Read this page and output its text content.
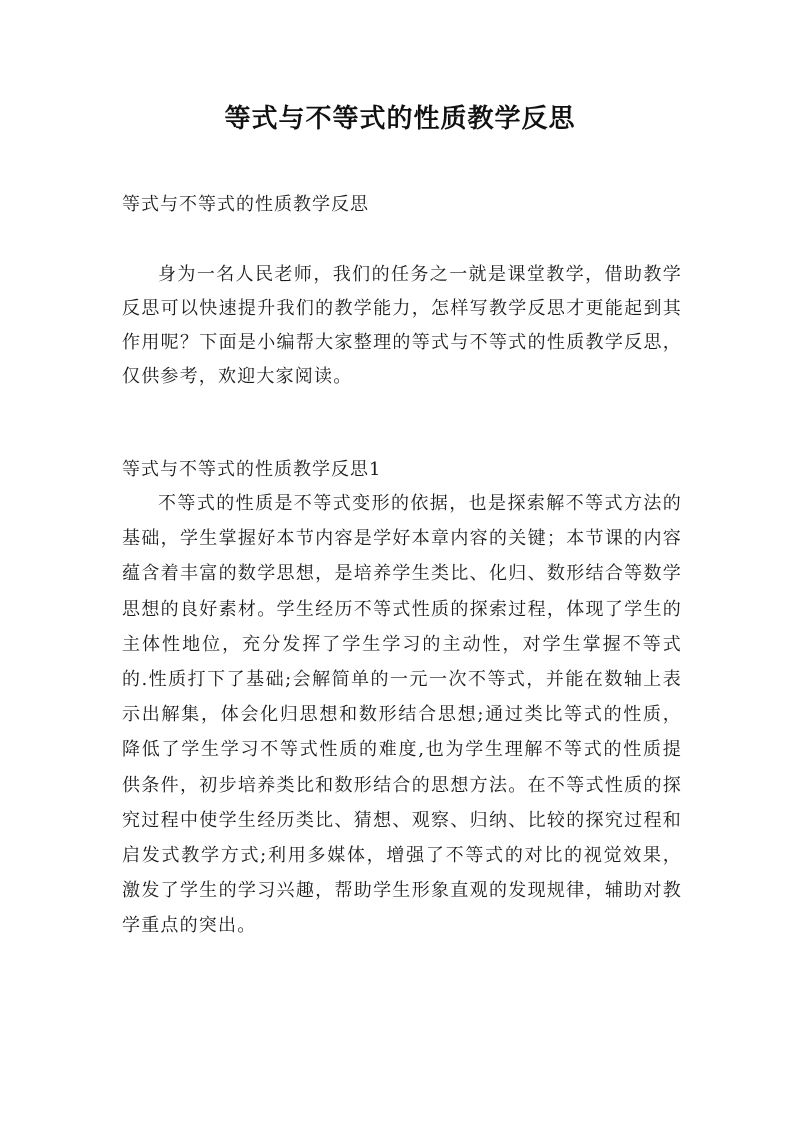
等式与不等式的性质教学反思
等式与不等式的性质教学反思
身为一名人民老师，我们的任务之一就是课堂教学，借助教学反思可以快速提升我们的教学能力，怎样写教学反思才更能起到其作用呢？下面是小编帮大家整理的等式与不等式的性质教学反思，仅供参考，欢迎大家阅读。
等式与不等式的性质教学反思1
不等式的性质是不等式变形的依据，也是探索解不等式方法的基础，学生掌握好本节内容是学好本章内容的关键；本节课的内容蕴含着丰富的数学思想，是培养学生类比、化归、数形结合等数学思想的良好素材。学生经历不等式性质的探索过程，体现了学生的主体性地位，充分发挥了学生学习的主动性，对学生掌握不等式的.性质打下了基础;会解简单的一元一次不等式，并能在数轴上表示出解集，体会化归思想和数形结合思想;通过类比等式的性质，降低了学生学习不等式性质的难度,也为学生理解不等式的性质提供条件，初步培养类比和数形结合的思想方法。在不等式性质的探究过程中使学生经历类比、猜想、观察、归纳、比较的探究过程和启发式教学方式;利用多媒体，增强了不等式的对比的视觉效果，激发了学生的学习兴趣，帮助学生形象直观的发现规律，辅助对教学重点的突出。
